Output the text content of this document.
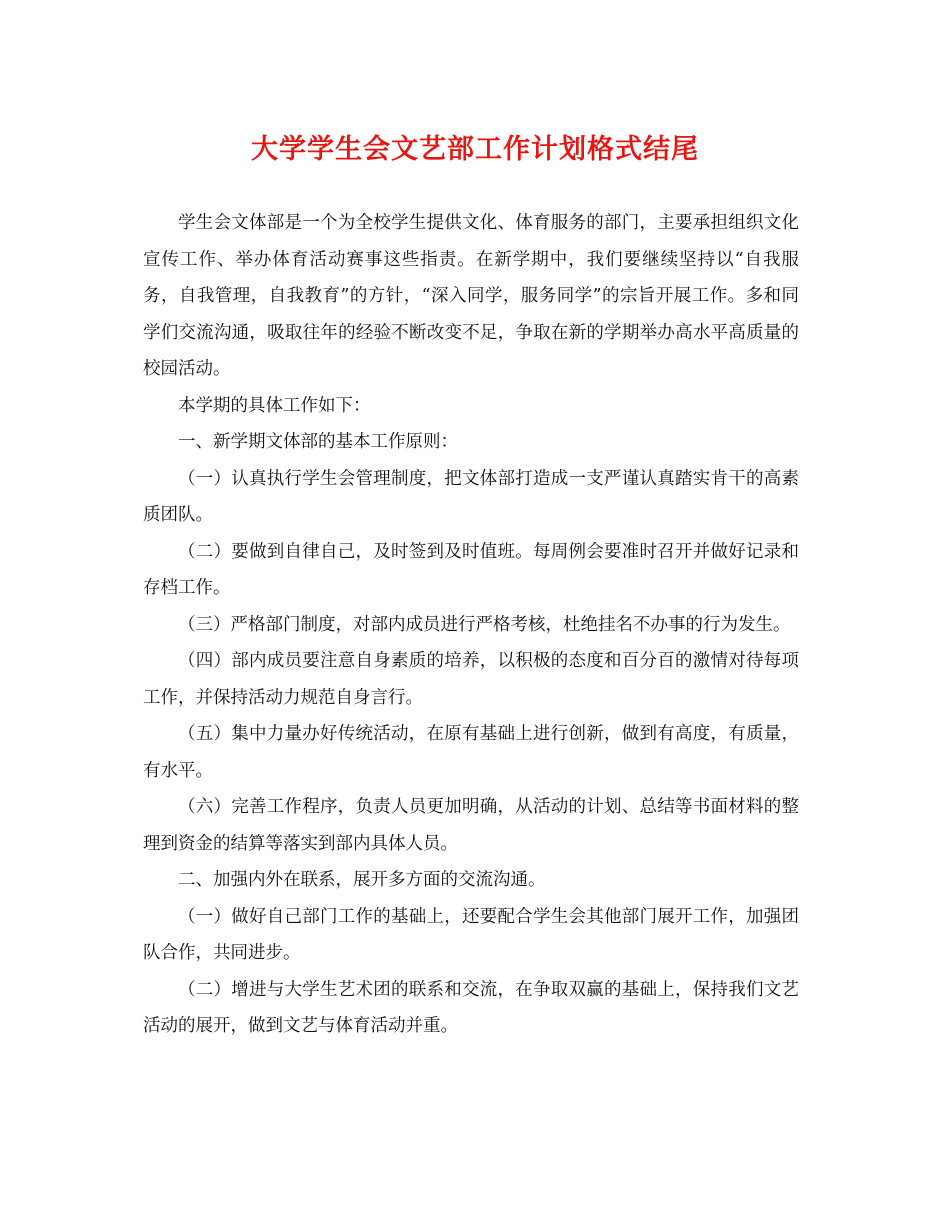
大学学生会文艺部工作计划格式结尾

学生会文体部是一个为全校学生提供文化、体育服务的部门，主要承担组织文化宣传工作、举办体育活动赛事这些指责。在新学期中，我们要继续坚持以“自我服务，自我管理，自我教育”的方针，“深入同学，服务同学”的宗旨开展工作。多和同学们交流沟通，吸取往年的经验不断改变不足，争取在新的学期举办高水平高质量的校园活动。

本学期的具体工作如下：

一、新学期文体部的基本工作原则：

（一）认真执行学生会管理制度，把文体部打造成一支严谨认真踏实肯干的高素质团队。

（二）要做到自律自己，及时签到及时值班。每周例会要准时召开并做好记录和存档工作。

（三）严格部门制度，对部内成员进行严格考核，杜绝挂名不办事的行为发生。

（四）部内成员要注意自身素质的培养，以积极的态度和百分百的激情对待每项工作，并保持活动力规范自身言行。

（五）集中力量办好传统活动，在原有基础上进行创新，做到有高度，有质量，有水平。

（六）完善工作程序，负责人员更加明确，从活动的计划、总结等书面材料的整理到资金的结算等落实到部内具体人员。

二、加强内外在联系，展开多方面的交流沟通。

（一）做好自己部门工作的基础上，还要配合学生会其他部门展开工作，加强团队合作，共同进步。

（二）增进与大学生艺术团的联系和交流，在争取双赢的基础上，保持我们文艺活动的展开，做到文艺与体育活动并重。
